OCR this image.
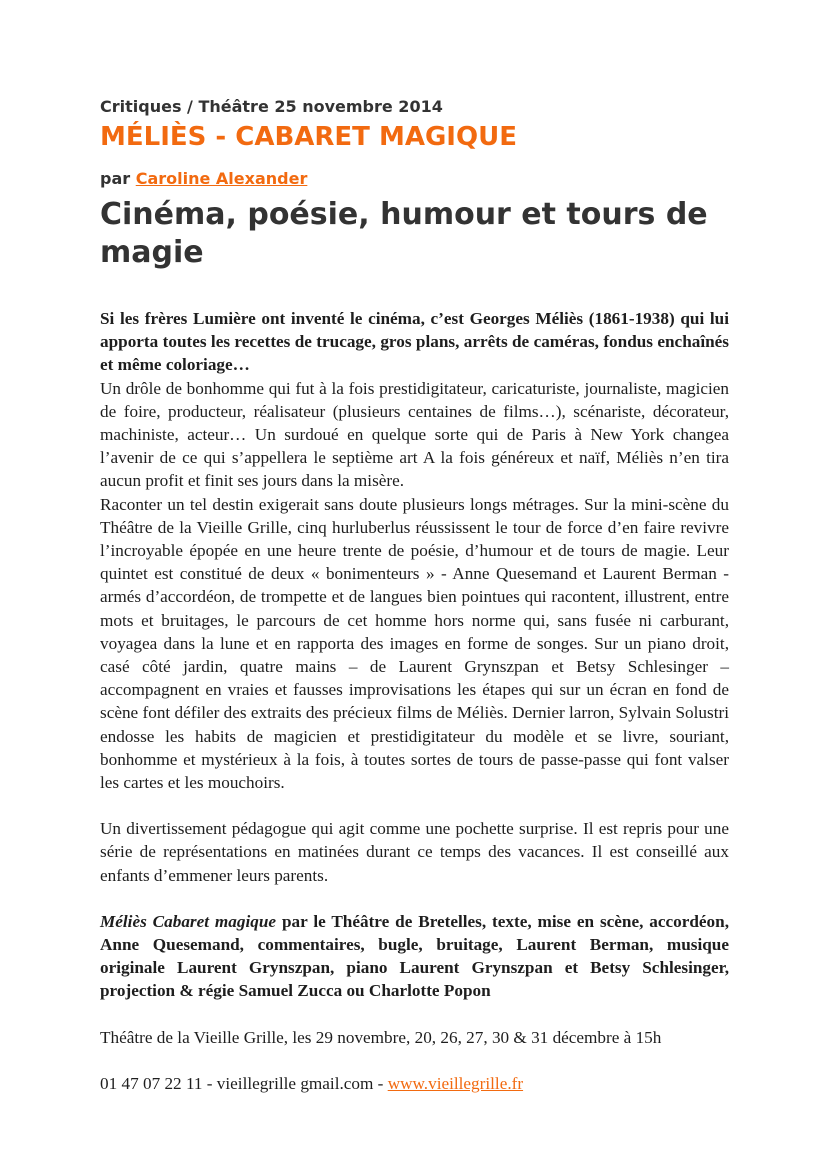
Critiques / Théâtre 25 novembre 2014

MÉLIÈS - CABARET MAGIQUE

par Caroline Alexander

Cinéma, poésie, humour et tours de magie

Si les frères Lumière ont inventé le cinéma, c’est Georges Méliès (1861-1938) qui lui apporta toutes les recettes de trucage, gros plans, arrêts de caméras, fondus enchaînés et même coloriage…

Un drôle de bonhomme qui fut à la fois prestidigitateur, caricaturiste, journaliste, magicien de foire, producteur, réalisateur (plusieurs centaines de films…), scénariste, décorateur, machiniste, acteur… Un surdoué en quelque sorte qui de Paris à New York changea l’avenir de ce qui s’appellera le septième art A la fois généreux et naïf, Méliès n’en tira aucun profit et finit ses jours dans la misère.

Raconter un tel destin exigerait sans doute plusieurs longs métrages. Sur la mini-scène du Théâtre de la Vieille Grille, cinq hurluberlus réussissent le tour de force d’en faire revivre l’incroyable épopée en une heure trente de poésie, d’humour et de tours de magie. Leur quintet est constitué de deux « bonimenteurs » - Anne Quesemand et Laurent Berman - armés d’accordéon, de trompette et de langues bien pointues qui racontent, illustrent, entre mots et bruitages, le parcours de cet homme hors norme qui, sans fusée ni carburant, voyagea dans la lune et en rapporta des images en forme de songes. Sur un piano droit, casé côté jardin, quatre mains – de Laurent Grynszpan et Betsy Schlesinger – accompagnent en vraies et fausses improvisations les étapes qui sur un écran en fond de scène font défiler des extraits des précieux films de Méliès. Dernier larron, Sylvain Solustri endosse les habits de magicien et prestidigitateur du modèle et se livre, souriant, bonhomme et mystérieux à la fois, à toutes sortes de tours de passe-passe qui font valser les cartes et les mouchoirs.

Un divertissement pédagogue qui agit comme une pochette surprise. Il est repris pour une série de représentations en matinées durant ce temps des vacances. Il est conseillé aux enfants d’emmener leurs parents.

Méliès Cabaret magique par le Théâtre de Bretelles, texte, mise en scène, accordéon, Anne Quesemand, commentaires, bugle, bruitage, Laurent Berman, musique originale Laurent Grynszpan, piano Laurent Grynszpan et Betsy Schlesinger, projection & régie Samuel Zucca ou Charlotte Popon

Théâtre de la Vieille Grille, les 29 novembre, 20, 26, 27, 30 & 31 décembre à 15h

01 47 07 22 11 - vieillegrille gmail.com - www.vieillegrille.fr
